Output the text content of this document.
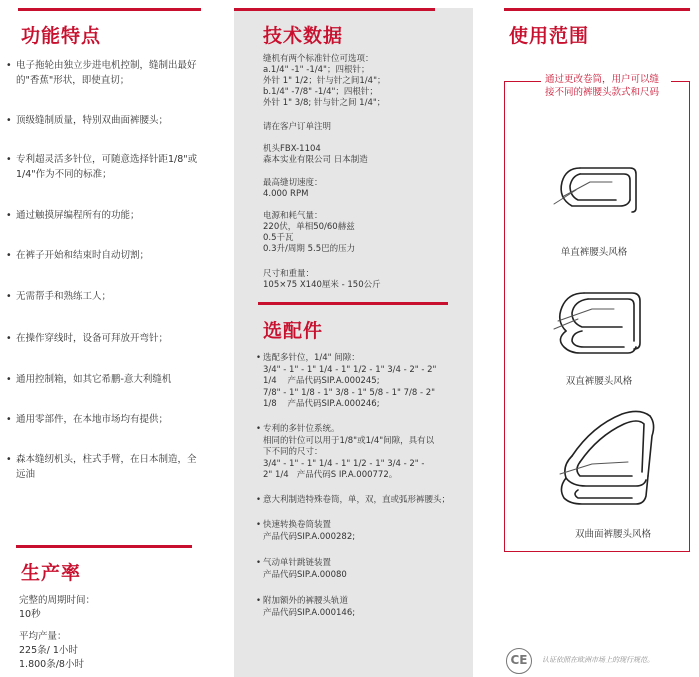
功能特点
• 电子拖轮由独立步进电机控制，缝制出最好的"香蕉"形状，即使直切；
• 顶级缝制质量，特别双曲面裤腰头；
• 专利超灵活多针位，可随意选择针距1/8"或1/4"作为不同的标准；
• 通过触摸屏编程所有的功能；
• 在裤子开始和结束时自动切割；
• 无需帮手和熟练工人；
• 在操作穿线时，设备可拜放开弯针；
• 通用控制箱，如其它希鹏-意大利缝机
• 通用零部件，在本地市场均有提供；
• 森本缝纫机头，柱式手臂，在日本制造，全远油
生产率
完整的周期时间：
10秒
平均产量：
225条/ 1小时
1.800条/8小时
技术数据
缝机有两个标准针位可选项：
a.1/4" -1" -1/4"；四根针；
外针 1" 1/2；针与针之间1/4"；
b.1/4" -7/8" -1/4"；四根针；
外针 1" 3/8; 针与针之间 1/4"；
请在客户订单注明
机头FBX-1104
森本实业有限公司 日本制造
最高缝切速度：
4.000 RPM
电源和耗气量：
220伏，单相50/60赫兹
0.5千瓦
0.3升/周期 5.5巴的压力
尺寸和重量：
105×75 X140厘米 - 150公斤
选配件
• 选配多针位，1/4" 间隙：
3/4" - 1" - 1" 1/4 - 1" 1/2 - 1" 3/4 - 2" - 2"
1/4    产品代码SIP.A.000245;
7/8" - 1" 1/8 - 1" 3/8 - 1" 5/8 - 1" 7/8 - 2"
1/8    产品代码SIP.A.000246;
• 专利的多针位系统。
相同的针位可以用于1/8"或1/4"间隙，具有以
下不同的尺寸：
3/4" - 1" - 1" 1/4 - 1" 1/2 - 1" 3/4 - 2" -
2" 1/4   产品代码S IP.A.000772。
• 意大利制造特殊卷筒，单，双，直或弧形裤腰头；
• 快速转换卷筒装置
产品代码SIP.A.000282;
• 气动单针跳链装置
产品代码SIP.A.00080
• 附加额外的裤腰头轨道
产品代码SIP.A.000146;
使用范围
通过更改卷筒，用户可以缝接不同的裤腰头款式和尺码
单直裤腰头风格
双直裤腰头风格
双曲面裤腰头风格
CE	认证依照在欧洲市场上的现行规范。
